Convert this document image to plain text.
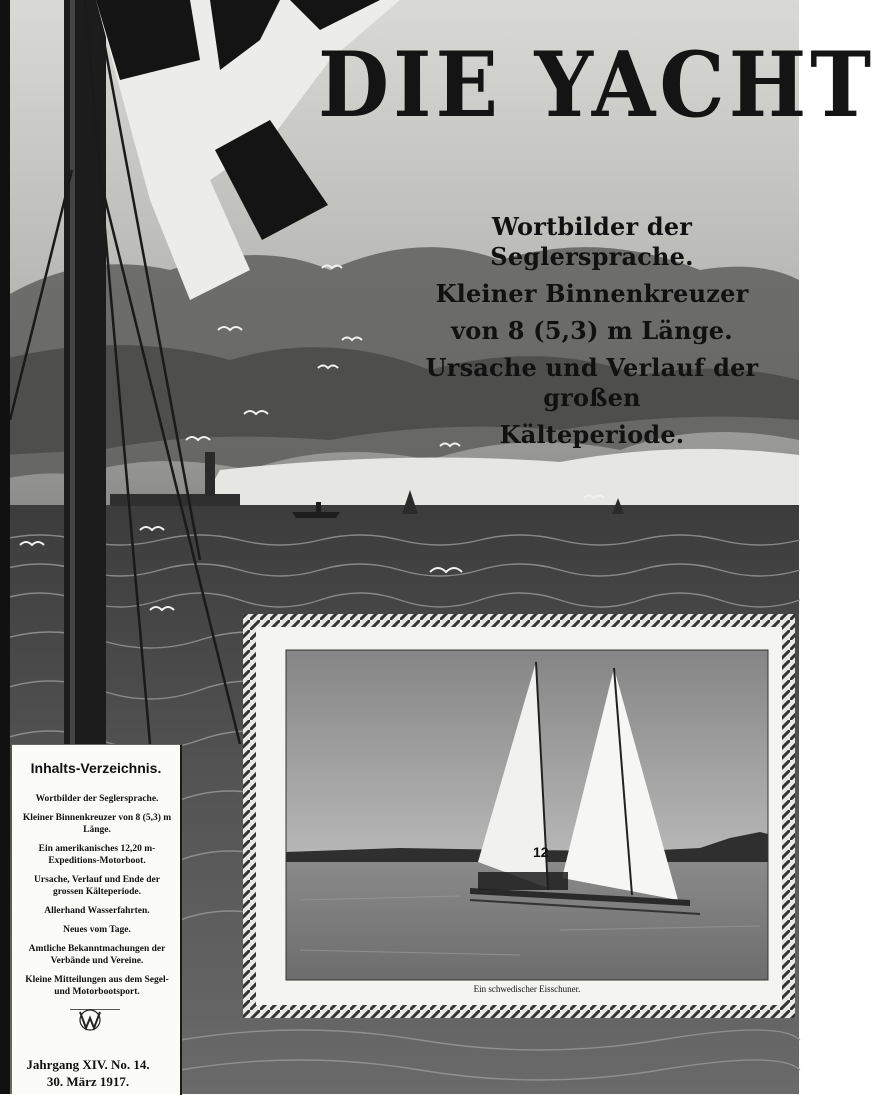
12
DIE YACHT
Wortbilder der Seglersprache.
Kleiner Binnenkreuzer
von 8 (5,3) m Länge.
Ursache und Verlauf der großen
Kälteperiode.
Inhalts-Verzeichnis.
Wortbilder der Seglersprache.
Kleiner Binnenkreuzer von 8 (5,3) m Länge.
Ein amerikanisches 12,20 m-Expeditions-Motorboot.
Ursache, Verlauf und Ende der grossen Kälteperiode.
Allerhand Wasserfahrten.
Neues vom Tage.
Amtliche Bekanntmachungen der Verbände und Vereine.
Kleine Mitteilungen aus dem Segel- und Motorbootsport.
Jahrgang XIV. No. 14.
30. März 1917.
Ein schwedischer Eisschuner.
